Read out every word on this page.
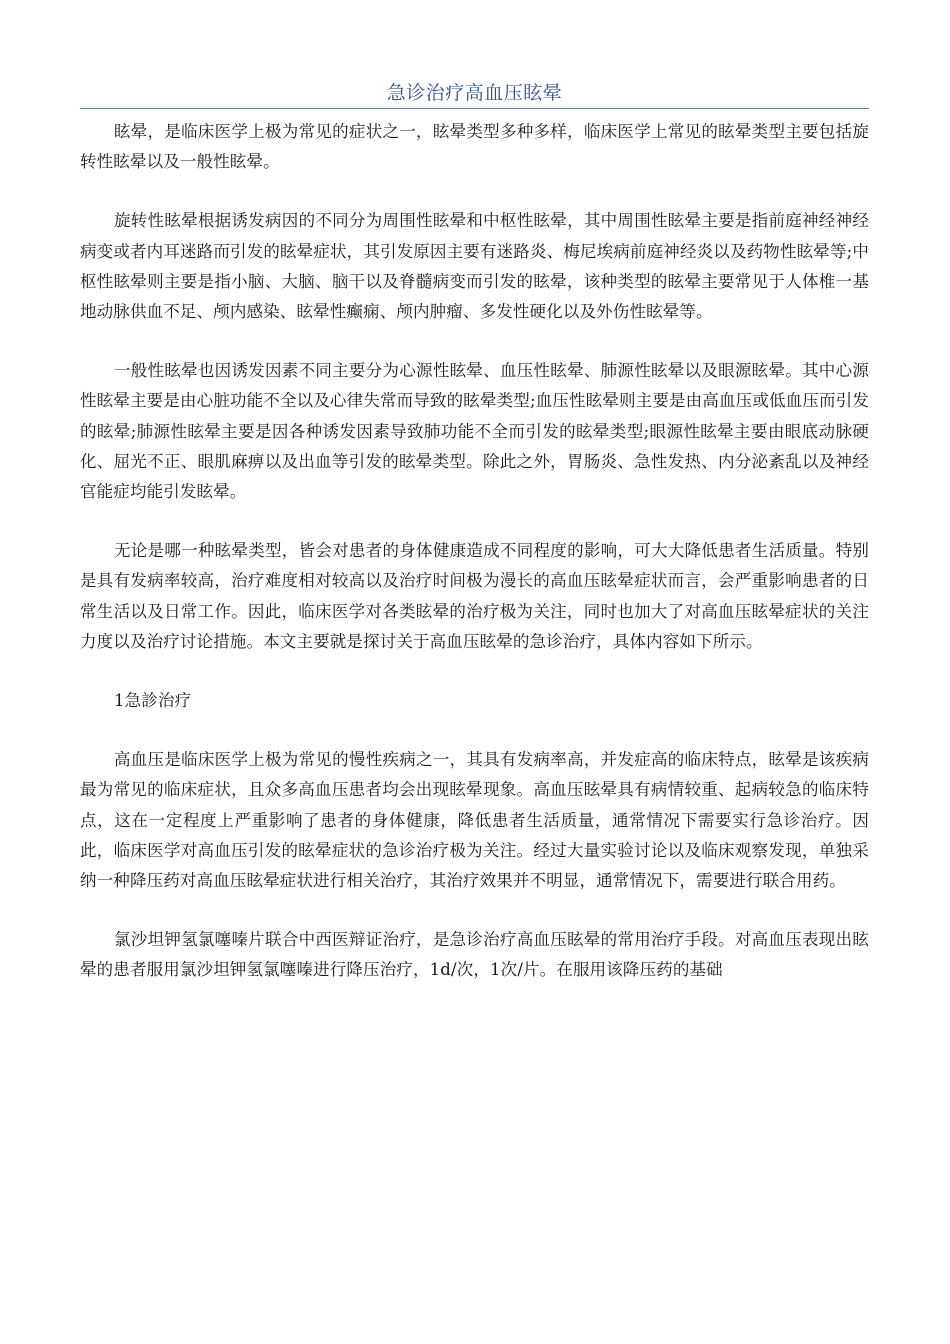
急诊治疗高血压眩晕

眩晕，是临床医学上极为常见的症状之一，眩晕类型多种多样，临床医学上常见的眩晕类型主要包括旋转性眩晕以及一般性眩晕。

旋转性眩晕根据诱发病因的不同分为周围性眩晕和中枢性眩晕，其中周围性眩晕主要是指前庭神经神经病变或者内耳迷路而引发的眩晕症状，其引发原因主要有迷路炎、梅尼埃病前庭神经炎以及药物性眩晕等;中枢性眩晕则主要是指小脑、大脑、脑干以及脊髓病变而引发的眩晕，该种类型的眩晕主要常见于人体椎一基地动脉供血不足、颅内感染、眩晕性癫痫、颅内肿瘤、多发性硬化以及外伤性眩晕等。

一般性眩晕也因诱发因素不同主要分为心源性眩晕、血压性眩晕、肺源性眩晕以及眼源眩晕。其中心源性眩晕主要是由心脏功能不全以及心律失常而导致的眩晕类型;血压性眩晕则主要是由高血压或低血压而引发的眩晕;肺源性眩晕主要是因各种诱发因素导致肺功能不全而引发的眩晕类型;眼源性眩晕主要由眼底动脉硬化、屈光不正、眼肌麻痹以及出血等引发的眩晕类型。除此之外，胃肠炎、急性发热、内分泌紊乱以及神经官能症均能引发眩晕。

无论是哪一种眩晕类型，皆会对患者的身体健康造成不同程度的影响，可大大降低患者生活质量。特别是具有发病率较高，治疗难度相对较高以及治疗时间极为漫长的高血压眩晕症状而言，会严重影响患者的日常生活以及日常工作。因此，临床医学对各类眩晕的治疗极为关注，同时也加大了对高血压眩晕症状的关注力度以及治疗讨论措施。本文主要就是探讨关于高血压眩晕的急诊治疗，具体内容如下所示。

1急診治疗

高血压是临床医学上极为常见的慢性疾病之一，其具有发病率高，并发症高的临床特点，眩晕是该疾病最为常见的临床症状，且众多高血压患者均会出现眩晕现象。高血压眩晕具有病情较重、起病较急的临床特点，这在一定程度上严重影响了患者的身体健康，降低患者生活质量，通常情况下需要实行急诊治疗。因此，临床医学对高血压引发的眩晕症状的急诊治疗极为关注。经过大量实验讨论以及临床观察发现，单独采纳一种降压药对高血压眩晕症状进行相关治疗，其治疗效果并不明显，通常情况下，需要进行联合用药。

氯沙坦钾氢氯噻嗪片联合中西医辩证治疗，是急诊治疗高血压眩晕的常用治疗手段。对高血压表现出眩晕的患者服用氯沙坦钾氢氯噻嗪进行降压治疗，1d/次，1次/片。在服用该降压药的基础
